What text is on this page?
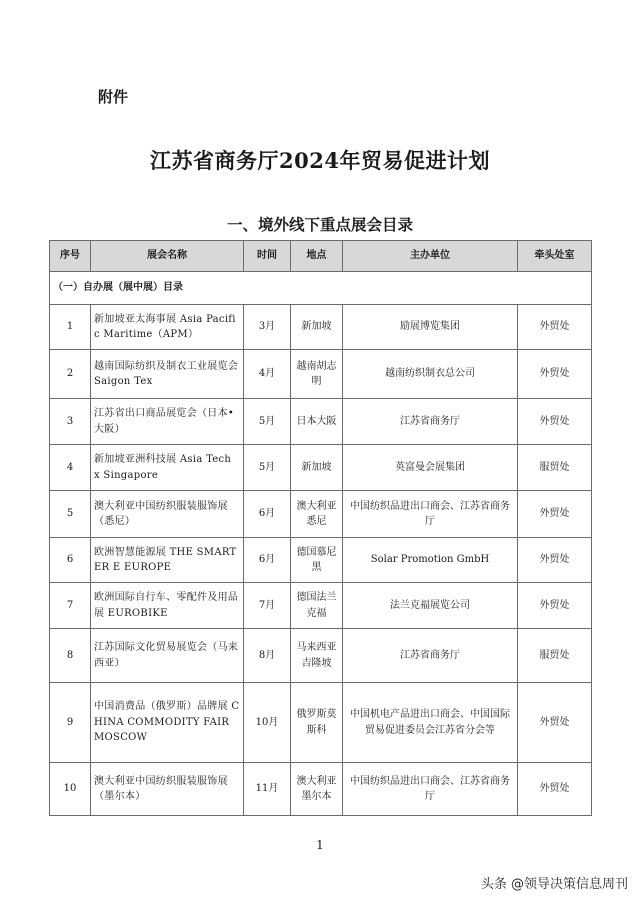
附件
江苏省商务厅2024年贸易促进计划
一、境外线下重点展会目录
序号	展会名称	时间	地点	主办单位	牵头处室
（一）自办展（展中展）目录					
1	新加坡亚太海事展 Asia Pacific Maritime（APM）	3月	新加坡	励展博览集团	外贸处
2	越南国际纺织及制衣工业展览会 Saigon Tex	4月	越南胡志明	越南纺织制衣总公司	外贸处
3	江苏省出口商品展览会（日本•大阪）	5月	日本大阪	江苏省商务厅	外贸处
4	新加坡亚洲科技展 Asia Tech x Singapore	5月	新加坡	英富曼会展集团	服贸处
5	澳大利亚中国纺织服装服饰展（悉尼）	6月	澳大利亚悉尼	中国纺织品进出口商会、江苏省商务厅	外贸处
6	欧洲智慧能源展 THE SMARTER E EUROPE	6月	德国慕尼黑	Solar Promotion GmbH	外贸处
7	欧洲国际自行车、零配件及用品展 EUROBIKE	7月	德国法兰克福	法兰克福展览公司	外贸处
8	江苏国际文化贸易展览会（马来西亚）	8月	马来西亚吉隆坡	江苏省商务厅	服贸处
9	中国消费品（俄罗斯）品牌展 CHINA COMMODITY FAIR MOSCOW	10月	俄罗斯莫斯科	中国机电产品进出口商会、中国国际贸易促进委员会江苏省分会等	外贸处
10	澳大利亚中国纺织服装服饰展（墨尔本）	11月	澳大利亚墨尔本	中国纺织品进出口商会、江苏省商务厅	外贸处
1
头条 @领导决策信息周刊
